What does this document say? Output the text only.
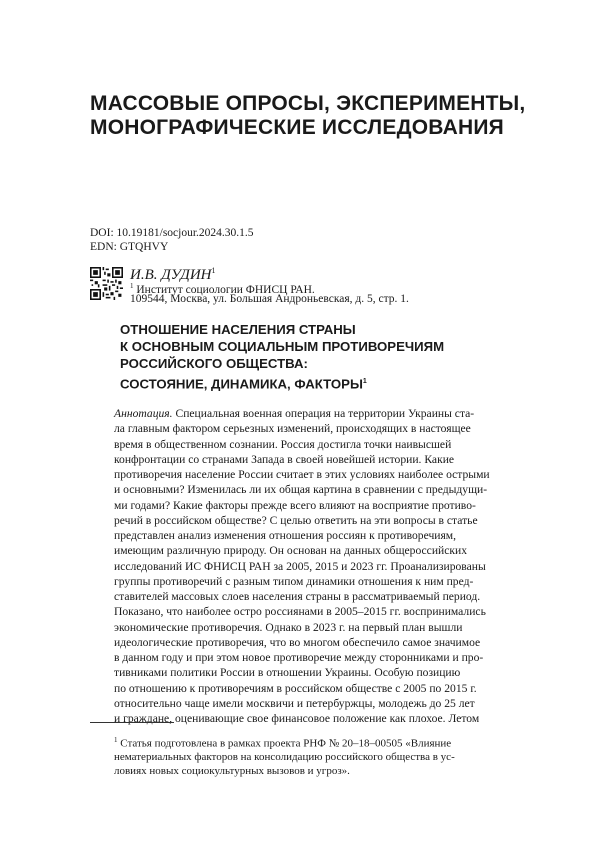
МАССОВЫЕ ОПРОСЫ, ЭКСПЕРИМЕНТЫ,
МОНОГРАФИЧЕСКИЕ ИССЛЕДОВАНИЯ
DOI: 10.19181/socjour.2024.30.1.5
EDN: GTQHVY
И.В. ДУДИН$^1$
$^1$ Институт социологии ФНИСЦ РАН.
109544, Москва, ул. Большая Андроньевская, д. 5, стр. 1.
ОТНОШЕНИЕ НАСЕЛЕНИЯ СТРАНЫ
К ОСНОВНЫМ СОЦИАЛЬНЫМ ПРОТИВОРЕЧИЯМ
РОССИЙСКОГО ОБЩЕСТВА:
СОСТОЯНИЕ, ДИНАМИКА, ФАКТОРЫ$^1$
Аннотация. Специальная военная операция на территории Украины ста-
ла главным фактором серьезных изменений, происходящих в настоящее
время в общественном сознании. Россия достигла точки наивысшей
конфронтации со странами Запада в своей новейшей истории. Какие
противоречия население России считает в этих условиях наиболее острыми
и основными? Изменилась ли их общая картина в сравнении с предыдущи-
ми годами? Какие факторы прежде всего влияют на восприятие противо-
речий в российском обществе? С целью ответить на эти вопросы в статье
представлен анализ изменения отношения россиян к противоречиям,
имеющим различную природу. Он основан на данных общероссийских
исследований ИС ФНИСЦ РАН за 2005, 2015 и 2023 гг. Проанализированы
группы противоречий с разным типом динамики отношения к ним пред-
ставителей массовых слоев населения страны в рассматриваемый период.
Показано, что наиболее остро россиянами в 2005–2015 гг. воспринимались
экономические противоречия. Однако в 2023 г. на первый план вышли
идеологические противоречия, что во многом обеспечило самое значимое
в данном году и при этом новое противоречие между сторонниками и про-
тивниками политики России в отношении Украины. Особую позицию
по отношению к противоречиям в российском обществе с 2005 по 2015 г.
относительно чаще имели москвичи и петербуржцы, молодежь до 25 лет
и граждане, оценивающие свое финансовое положение как плохое. Летом
$^1$ Статья подготовлена в рамках проекта РНФ № 20–18–00505 «Влияние
нематериальных факторов на консолидацию российского общества в ус-
ловиях новых социокультурных вызовов и угроз».
